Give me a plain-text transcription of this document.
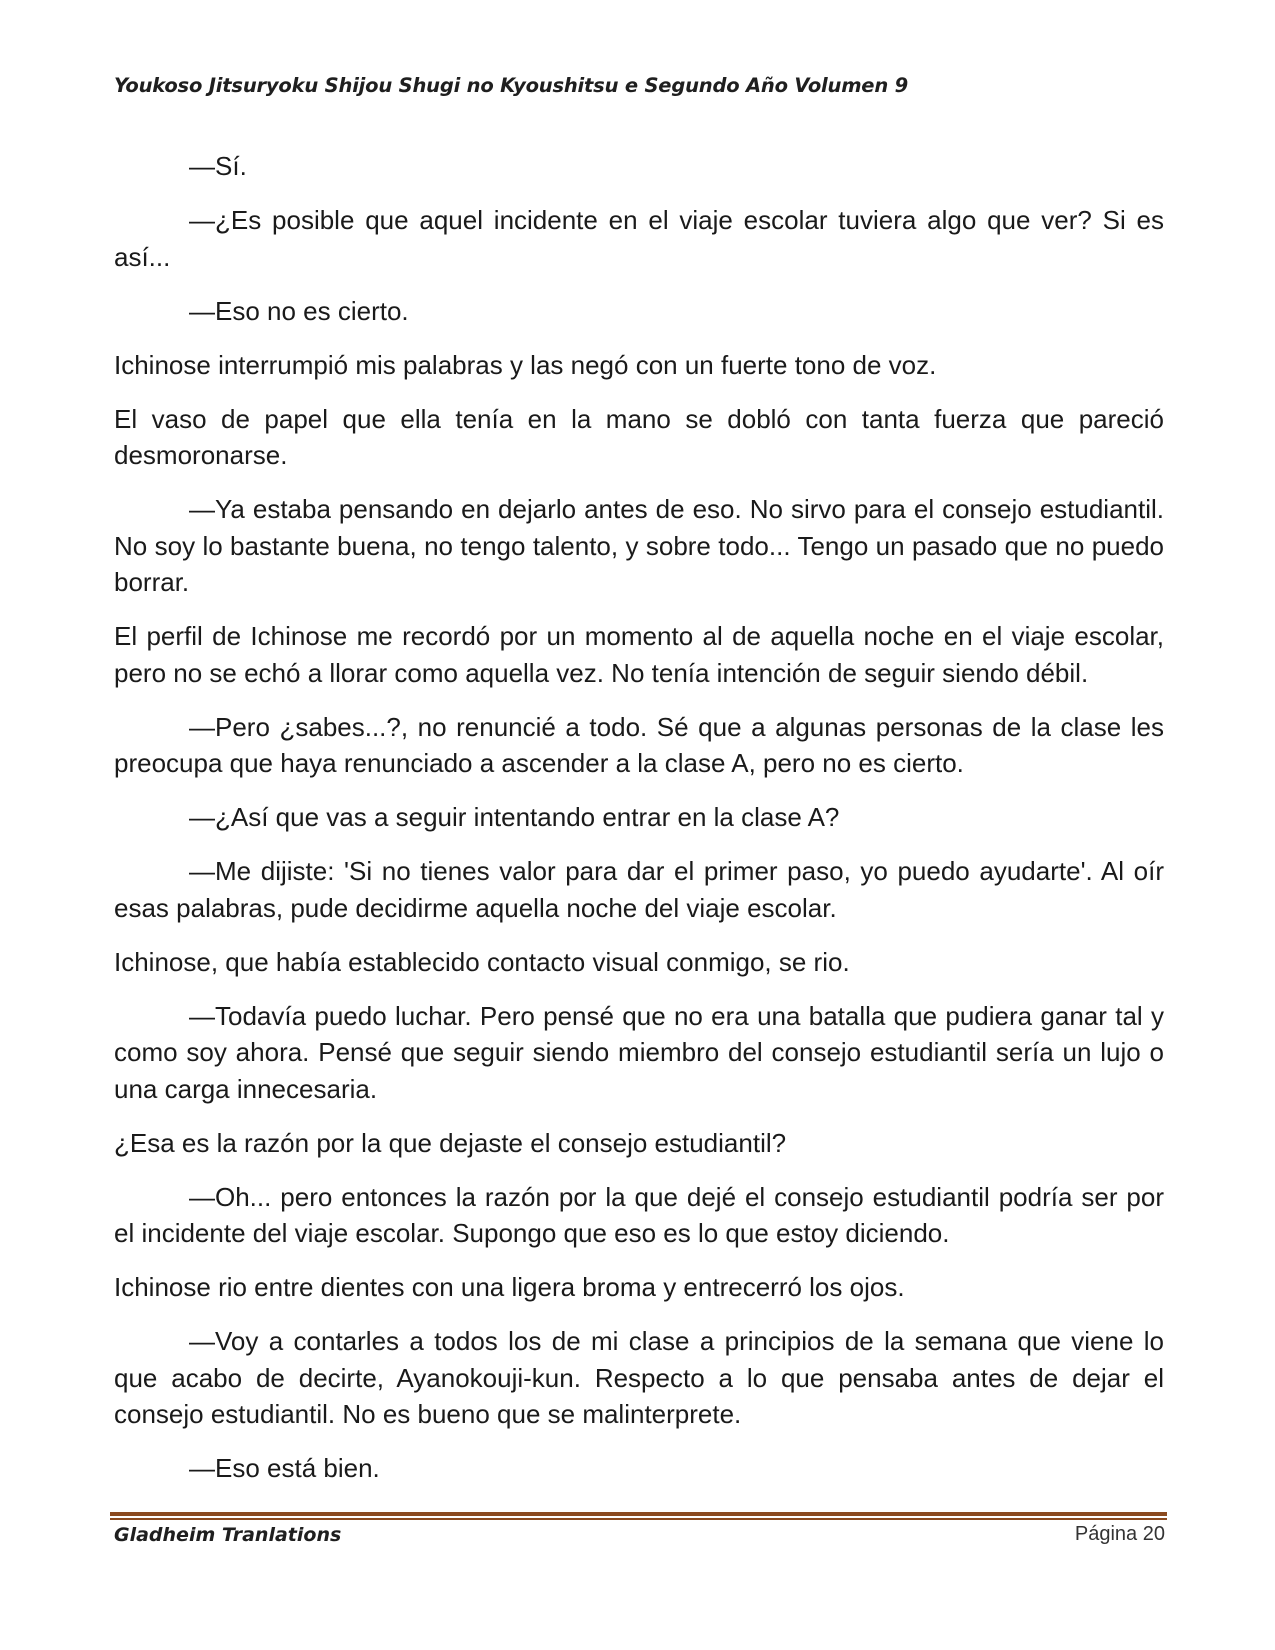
Youkoso Jitsuryoku Shijou Shugi no Kyoushitsu e Segundo Año Volumen 9

—Sí.

—¿Es posible que aquel incidente en el viaje escolar tuviera algo que ver? Si es así...

—Eso no es cierto.

Ichinose interrumpió mis palabras y las negó con un fuerte tono de voz.

El vaso de papel que ella tenía en la mano se dobló con tanta fuerza que pareció desmoronarse.

—Ya estaba pensando en dejarlo antes de eso. No sirvo para el consejo estudiantil. No soy lo bastante buena, no tengo talento, y sobre todo... Tengo un pasado que no puedo borrar.

El perfil de Ichinose me recordó por un momento al de aquella noche en el viaje escolar, pero no se echó a llorar como aquella vez. No tenía intención de seguir siendo débil.

—Pero ¿sabes...?, no renuncié a todo. Sé que a algunas personas de la clase les preocupa que haya renunciado a ascender a la clase A, pero no es cierto.

—¿Así que vas a seguir intentando entrar en la clase A?

—Me dijiste: 'Si no tienes valor para dar el primer paso, yo puedo ayudarte'. Al oír esas palabras, pude decidirme aquella noche del viaje escolar.

Ichinose, que había establecido contacto visual conmigo, se rio.

—Todavía puedo luchar. Pero pensé que no era una batalla que pudiera ganar tal y como soy ahora. Pensé que seguir siendo miembro del consejo estudiantil sería un lujo o una carga innecesaria.

¿Esa es la razón por la que dejaste el consejo estudiantil?

—Oh... pero entonces la razón por la que dejé el consejo estudiantil podría ser por el incidente del viaje escolar. Supongo que eso es lo que estoy diciendo.

Ichinose rio entre dientes con una ligera broma y entrecerró los ojos.

—Voy a contarles a todos los de mi clase a principios de la semana que viene lo que acabo de decirte, Ayanokouji-kun. Respecto a lo que pensaba antes de dejar el consejo estudiantil. No es bueno que se malinterprete.

—Eso está bien.

Gladheim Tranlations	Página 20
